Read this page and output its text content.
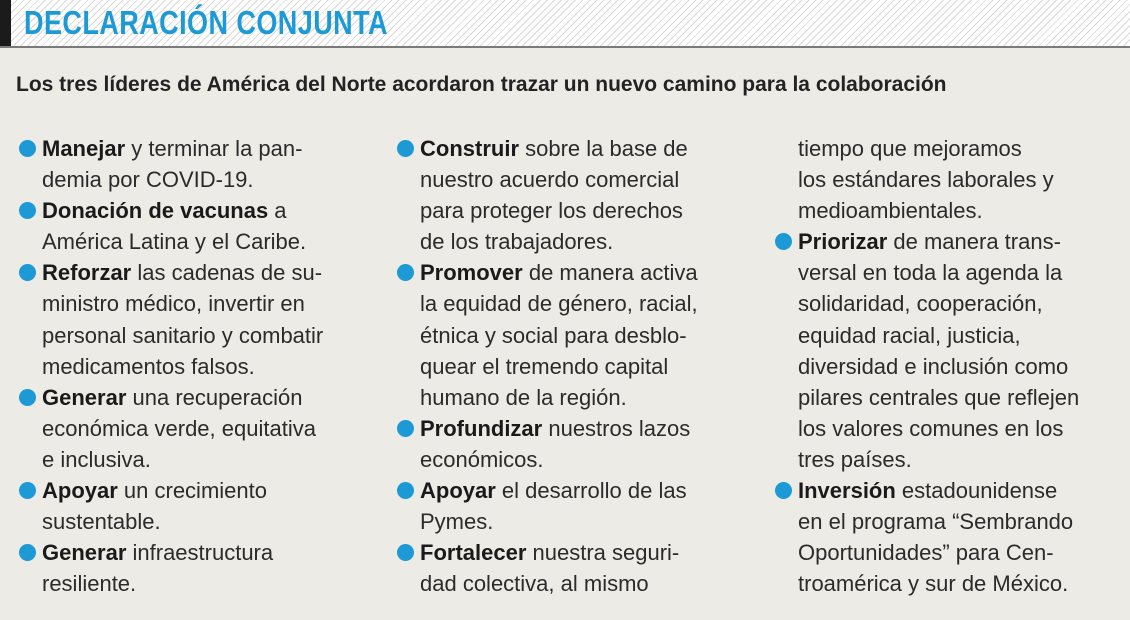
DECLARACIÓN CONJUNTA
Los tres líderes de América del Norte acordaron trazar un nuevo camino para la colaboración
Manejar y terminar la pan-
demia por COVID-19.
Donación de vacunas a
América Latina y el Caribe.
Reforzar las cadenas de su-
ministro médico, invertir en
personal sanitario y combatir
medicamentos falsos.
Generar una recuperación
económica verde, equitativa
e inclusiva.
Apoyar un crecimiento
sustentable.
Generar infraestructura
resiliente.
Construir sobre la base de
nuestro acuerdo comercial
para proteger los derechos
de los trabajadores.
Promover de manera activa
la equidad de género, racial,
étnica y social para desblo-
quear el tremendo capital
humano de la región.
Profundizar nuestros lazos
económicos.
Apoyar el desarrollo de las
Pymes.
Fortalecer nuestra seguri-
dad colectiva, al mismo
tiempo que mejoramos
los estándares laborales y
medioambientales.
Priorizar de manera trans-
versal en toda la agenda la
solidaridad, cooperación,
equidad racial, justicia,
diversidad e inclusión como
pilares centrales que reflejen
los valores comunes en los
tres países.
Inversión estadounidense
en el programa “Sembrando
Oportunidades” para Cen-
troamérica y sur de México.
